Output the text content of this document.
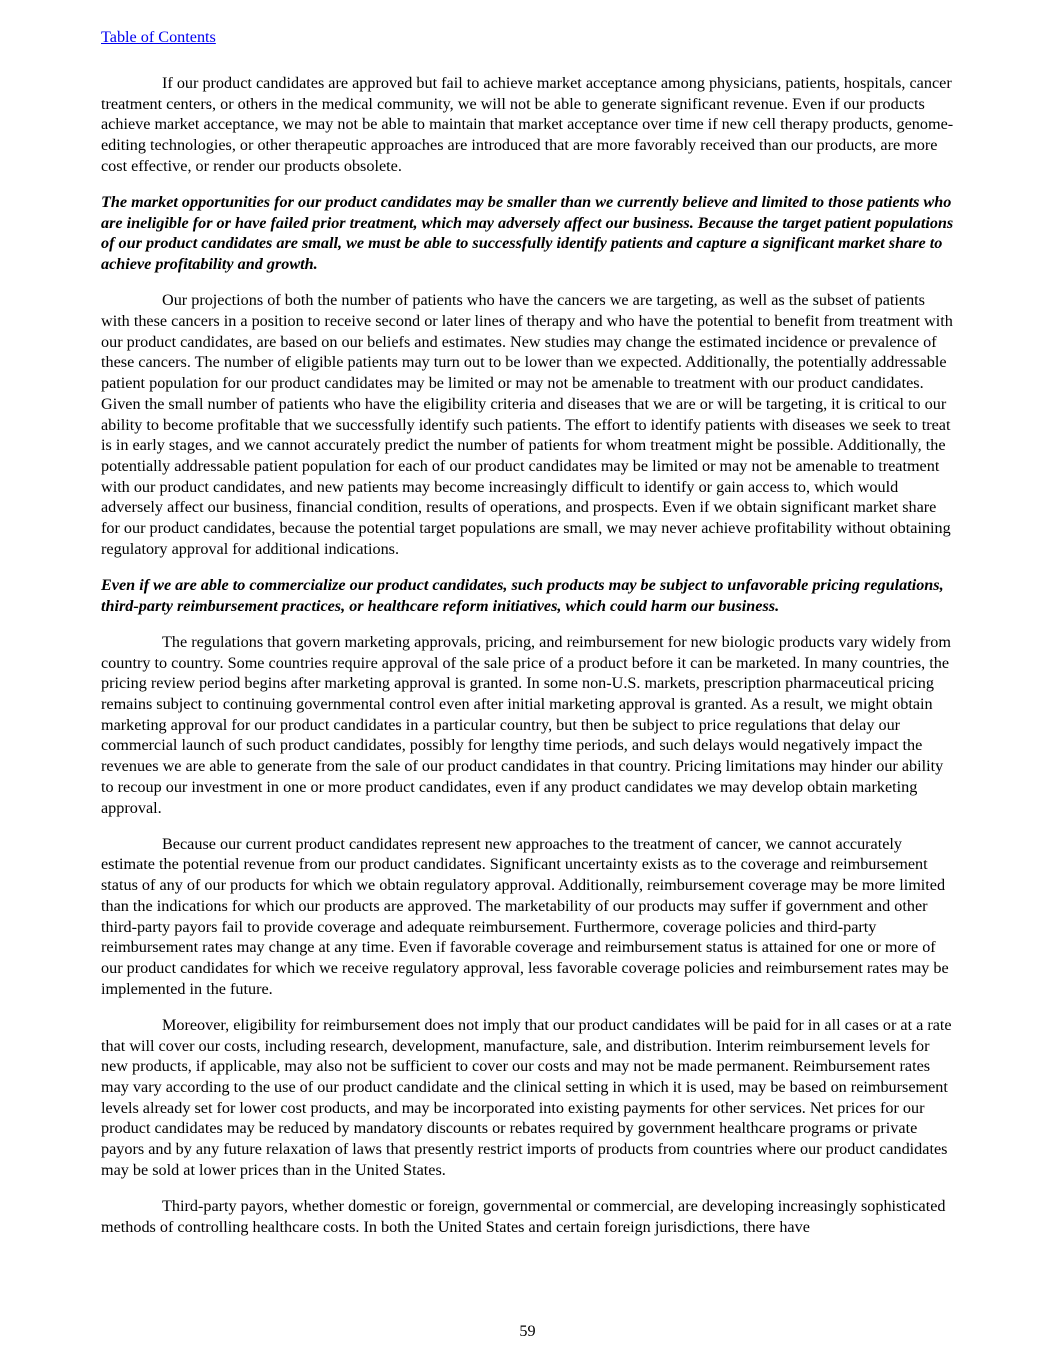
Table of Contents

If our product candidates are approved but fail to achieve market acceptance among physicians, patients, hospitals, cancer treatment centers, or others in the medical community, we will not be able to generate significant revenue. Even if our products achieve market acceptance, we may not be able to maintain that market acceptance over time if new cell therapy products, genome-editing technologies, or other therapeutic approaches are introduced that are more favorably received than our products, are more cost effective, or render our products obsolete.

The market opportunities for our product candidates may be smaller than we currently believe and limited to those patients who are ineligible for or have failed prior treatment, which may adversely affect our business. Because the target patient populations of our product candidates are small, we must be able to successfully identify patients and capture a significant market share to achieve profitability and growth.

Our projections of both the number of patients who have the cancers we are targeting, as well as the subset of patients with these cancers in a position to receive second or later lines of therapy and who have the potential to benefit from treatment with our product candidates, are based on our beliefs and estimates. New studies may change the estimated incidence or prevalence of these cancers. The number of eligible patients may turn out to be lower than we expected. Additionally, the potentially addressable patient population for our product candidates may be limited or may not be amenable to treatment with our product candidates. Given the small number of patients who have the eligibility criteria and diseases that we are or will be targeting, it is critical to our ability to become profitable that we successfully identify such patients. The effort to identify patients with diseases we seek to treat is in early stages, and we cannot accurately predict the number of patients for whom treatment might be possible. Additionally, the potentially addressable patient population for each of our product candidates may be limited or may not be amenable to treatment with our product candidates, and new patients may become increasingly difficult to identify or gain access to, which would adversely affect our business, financial condition, results of operations, and prospects. Even if we obtain significant market share for our product candidates, because the potential target populations are small, we may never achieve profitability without obtaining regulatory approval for additional indications.

Even if we are able to commercialize our product candidates, such products may be subject to unfavorable pricing regulations, third-party reimbursement practices, or healthcare reform initiatives, which could harm our business.

The regulations that govern marketing approvals, pricing, and reimbursement for new biologic products vary widely from country to country. Some countries require approval of the sale price of a product before it can be marketed. In many countries, the pricing review period begins after marketing approval is granted. In some non-U.S. markets, prescription pharmaceutical pricing remains subject to continuing governmental control even after initial marketing approval is granted. As a result, we might obtain marketing approval for our product candidates in a particular country, but then be subject to price regulations that delay our commercial launch of such product candidates, possibly for lengthy time periods, and such delays would negatively impact the revenues we are able to generate from the sale of our product candidates in that country. Pricing limitations may hinder our ability to recoup our investment in one or more product candidates, even if any product candidates we may develop obtain marketing approval.

Because our current product candidates represent new approaches to the treatment of cancer, we cannot accurately estimate the potential revenue from our product candidates. Significant uncertainty exists as to the coverage and reimbursement status of any of our products for which we obtain regulatory approval. Additionally, reimbursement coverage may be more limited than the indications for which our products are approved. The marketability of our products may suffer if government and other third-party payors fail to provide coverage and adequate reimbursement. Furthermore, coverage policies and third-party reimbursement rates may change at any time. Even if favorable coverage and reimbursement status is attained for one or more of our product candidates for which we receive regulatory approval, less favorable coverage policies and reimbursement rates may be implemented in the future.

Moreover, eligibility for reimbursement does not imply that our product candidates will be paid for in all cases or at a rate that will cover our costs, including research, development, manufacture, sale, and distribution. Interim reimbursement levels for new products, if applicable, may also not be sufficient to cover our costs and may not be made permanent. Reimbursement rates may vary according to the use of our product candidate and the clinical setting in which it is used, may be based on reimbursement levels already set for lower cost products, and may be incorporated into existing payments for other services. Net prices for our product candidates may be reduced by mandatory discounts or rebates required by government healthcare programs or private payors and by any future relaxation of laws that presently restrict imports of products from countries where our product candidates may be sold at lower prices than in the United States.

Third-party payors, whether domestic or foreign, governmental or commercial, are developing increasingly sophisticated methods of controlling healthcare costs. In both the United States and certain foreign jurisdictions, there have

59
